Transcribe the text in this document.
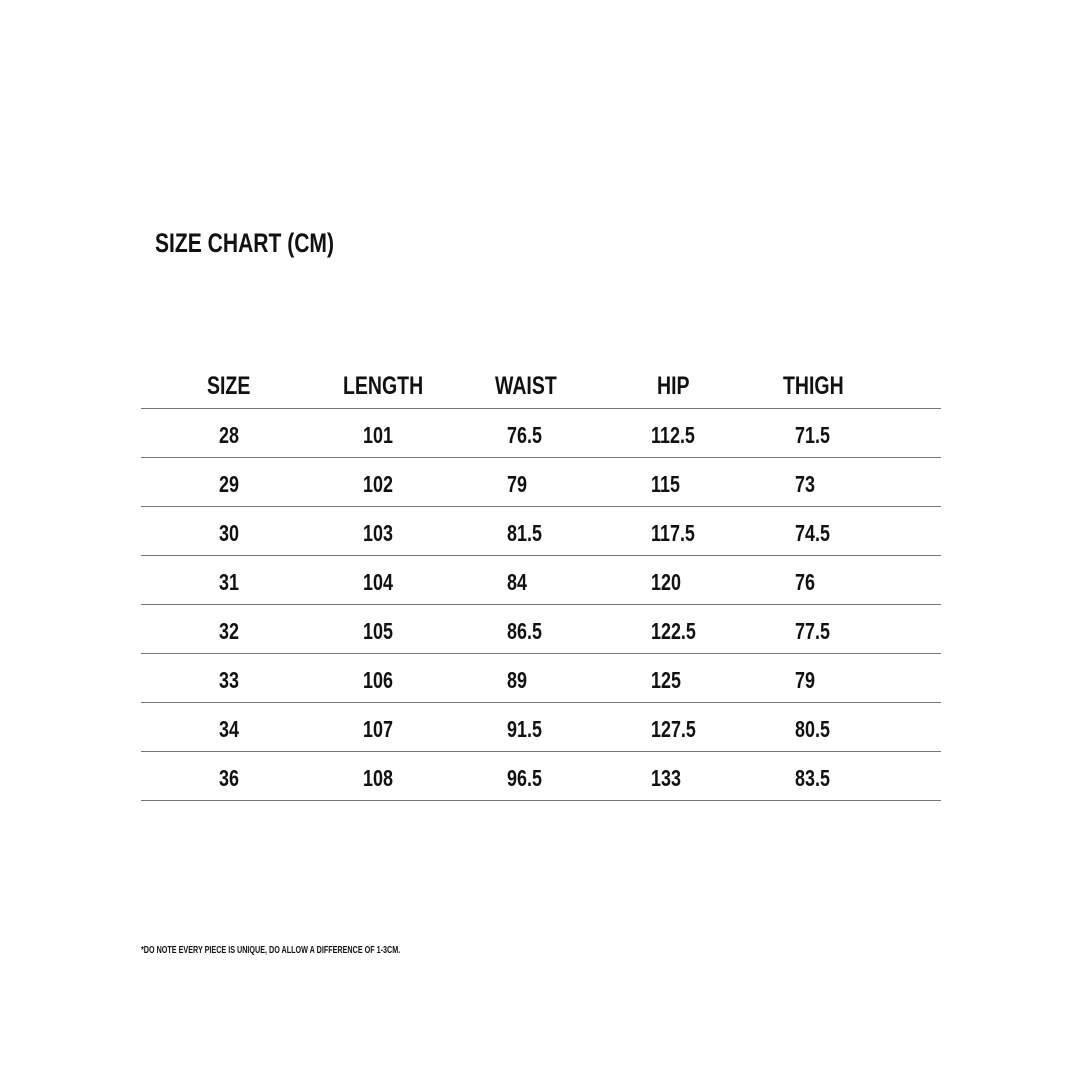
SIZE CHART (CM)
SIZE	LENGTH	WAIST	HIP	THIGH
28	101	76.5	112.5	71.5
29	102	79	115	73
30	103	81.5	117.5	74.5
31	104	84	120	76
32	105	86.5	122.5	77.5
33	106	89	125	79
34	107	91.5	127.5	80.5
36	108	96.5	133	83.5

*DO NOTE EVERY PIECE IS UNIQUE, DO ALLOW A DIFFERENCE OF 1-3CM.
